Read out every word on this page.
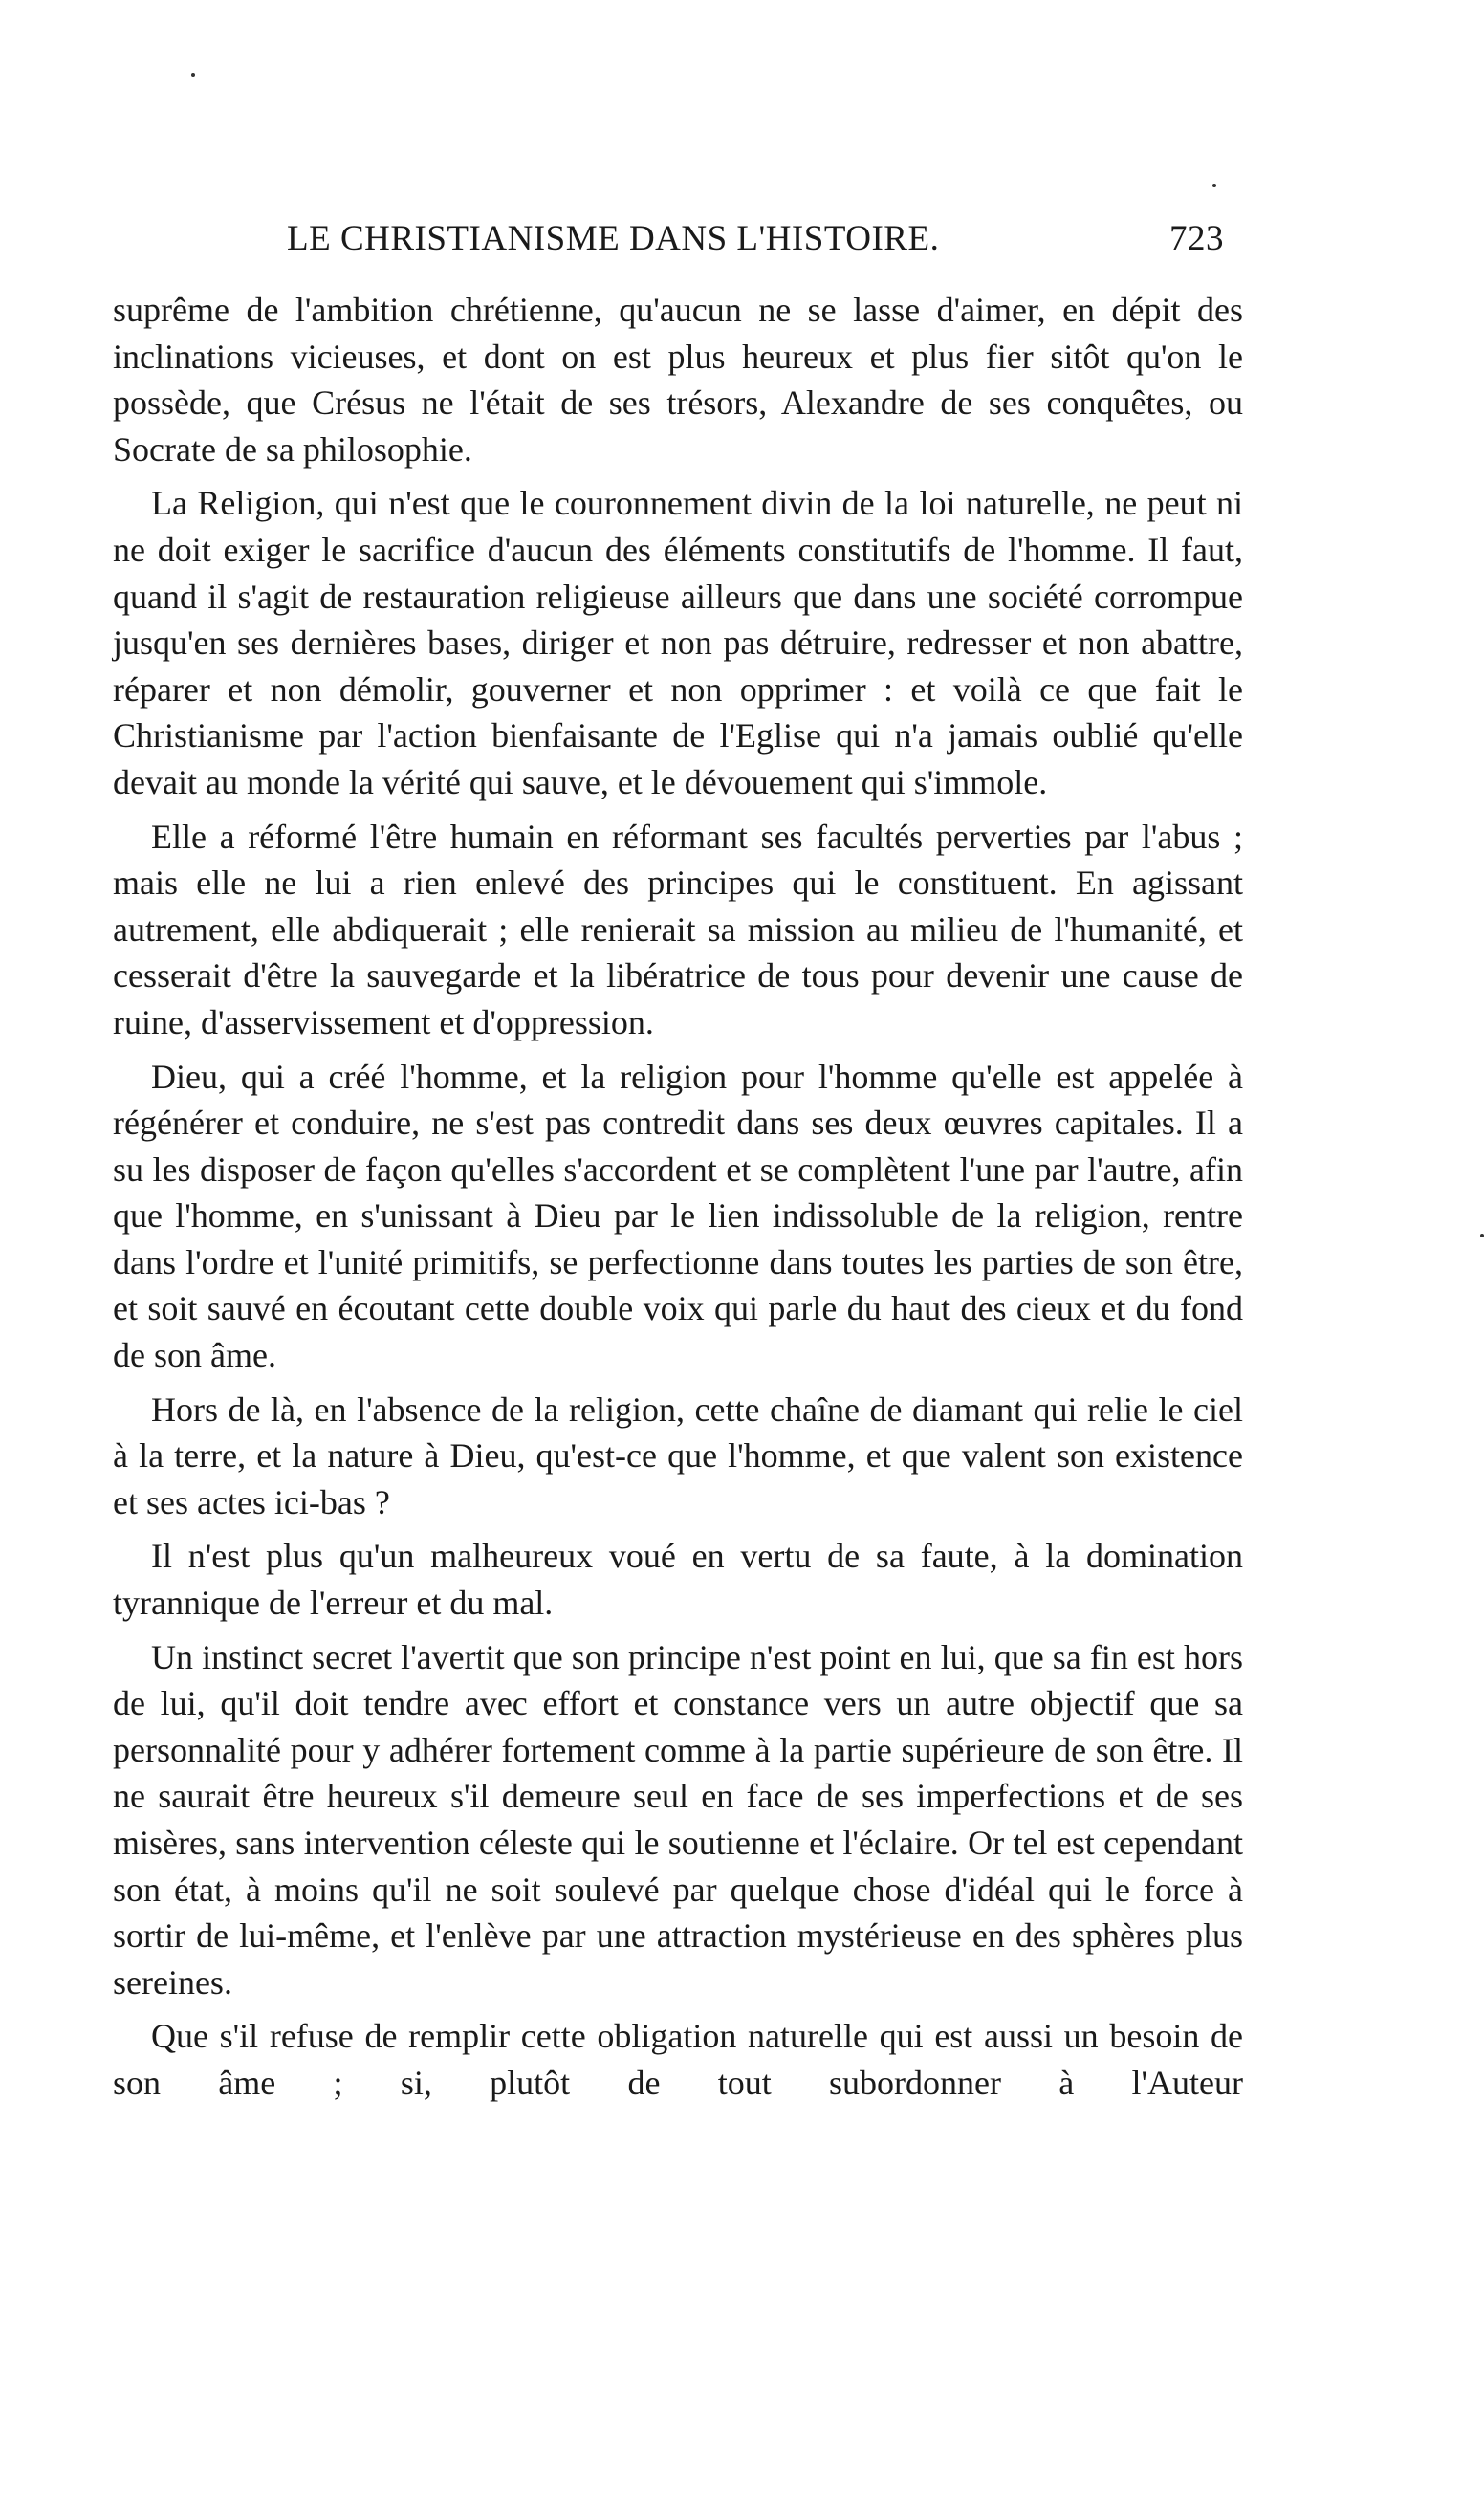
LE CHRISTIANISME DANS L'HISTOIRE.	723

suprême de l'ambition chrétienne, qu'aucun ne se lasse d'aimer, en dépit des inclinations vicieuses, et dont on est plus heureux et plus fier sitôt qu'on le possède, que Crésus ne l'était de ses trésors, Alexandre de ses conquêtes, ou Socrate de sa philosophie.

La Religion, qui n'est que le couronnement divin de la loi naturelle, ne peut ni ne doit exiger le sacrifice d'aucun des éléments constitutifs de l'homme. Il faut, quand il s'agit de restauration religieuse ailleurs que dans une société corrompue jusqu'en ses dernières bases, diriger et non pas détruire, redresser et non abattre, réparer et non démolir, gouverner et non opprimer : et voilà ce que fait le Christianisme par l'action bienfaisante de l'Eglise qui n'a jamais oublié qu'elle devait au monde la vérité qui sauve, et le dévouement qui s'immole.

Elle a réformé l'être humain en réformant ses facultés perverties par l'abus ; mais elle ne lui a rien enlevé des principes qui le constituent. En agissant autrement, elle abdiquerait ; elle renierait sa mission au milieu de l'humanité, et cesserait d'être la sauvegarde et la libératrice de tous pour devenir une cause de ruine, d'asservissement et d'oppression.

Dieu, qui a créé l'homme, et la religion pour l'homme qu'elle est appelée à régénérer et conduire, ne s'est pas contredit dans ses deux œuvres capitales. Il a su les disposer de façon qu'elles s'accordent et se complètent l'une par l'autre, afin que l'homme, en s'unissant à Dieu par le lien indissoluble de la religion, rentre dans l'ordre et l'unité primitifs, se perfectionne dans toutes les parties de son être, et soit sauvé en écoutant cette double voix qui parle du haut des cieux et du fond de son âme.

Hors de là, en l'absence de la religion, cette chaîne de diamant qui relie le ciel à la terre, et la nature à Dieu, qu'est-ce que l'homme, et que valent son existence et ses actes ici-bas ?

Il n'est plus qu'un malheureux voué en vertu de sa faute, à la domination tyrannique de l'erreur et du mal.

Un instinct secret l'avertit que son principe n'est point en lui, que sa fin est hors de lui, qu'il doit tendre avec effort et constance vers un autre objectif que sa personnalité pour y adhérer fortement comme à la partie supérieure de son être. Il ne saurait être heureux s'il demeure seul en face de ses imperfections et de ses misères, sans intervention céleste qui le soutienne et l'éclaire. Or tel est cependant son état, à moins qu'il ne soit soulevé par quelque chose d'idéal qui le force à sortir de lui-même, et l'enlève par une attraction mystérieuse en des sphères plus sereines.

Que s'il refuse de remplir cette obligation naturelle qui est aussi un besoin de son âme ; si, plutôt de tout subordonner à l'Auteur
